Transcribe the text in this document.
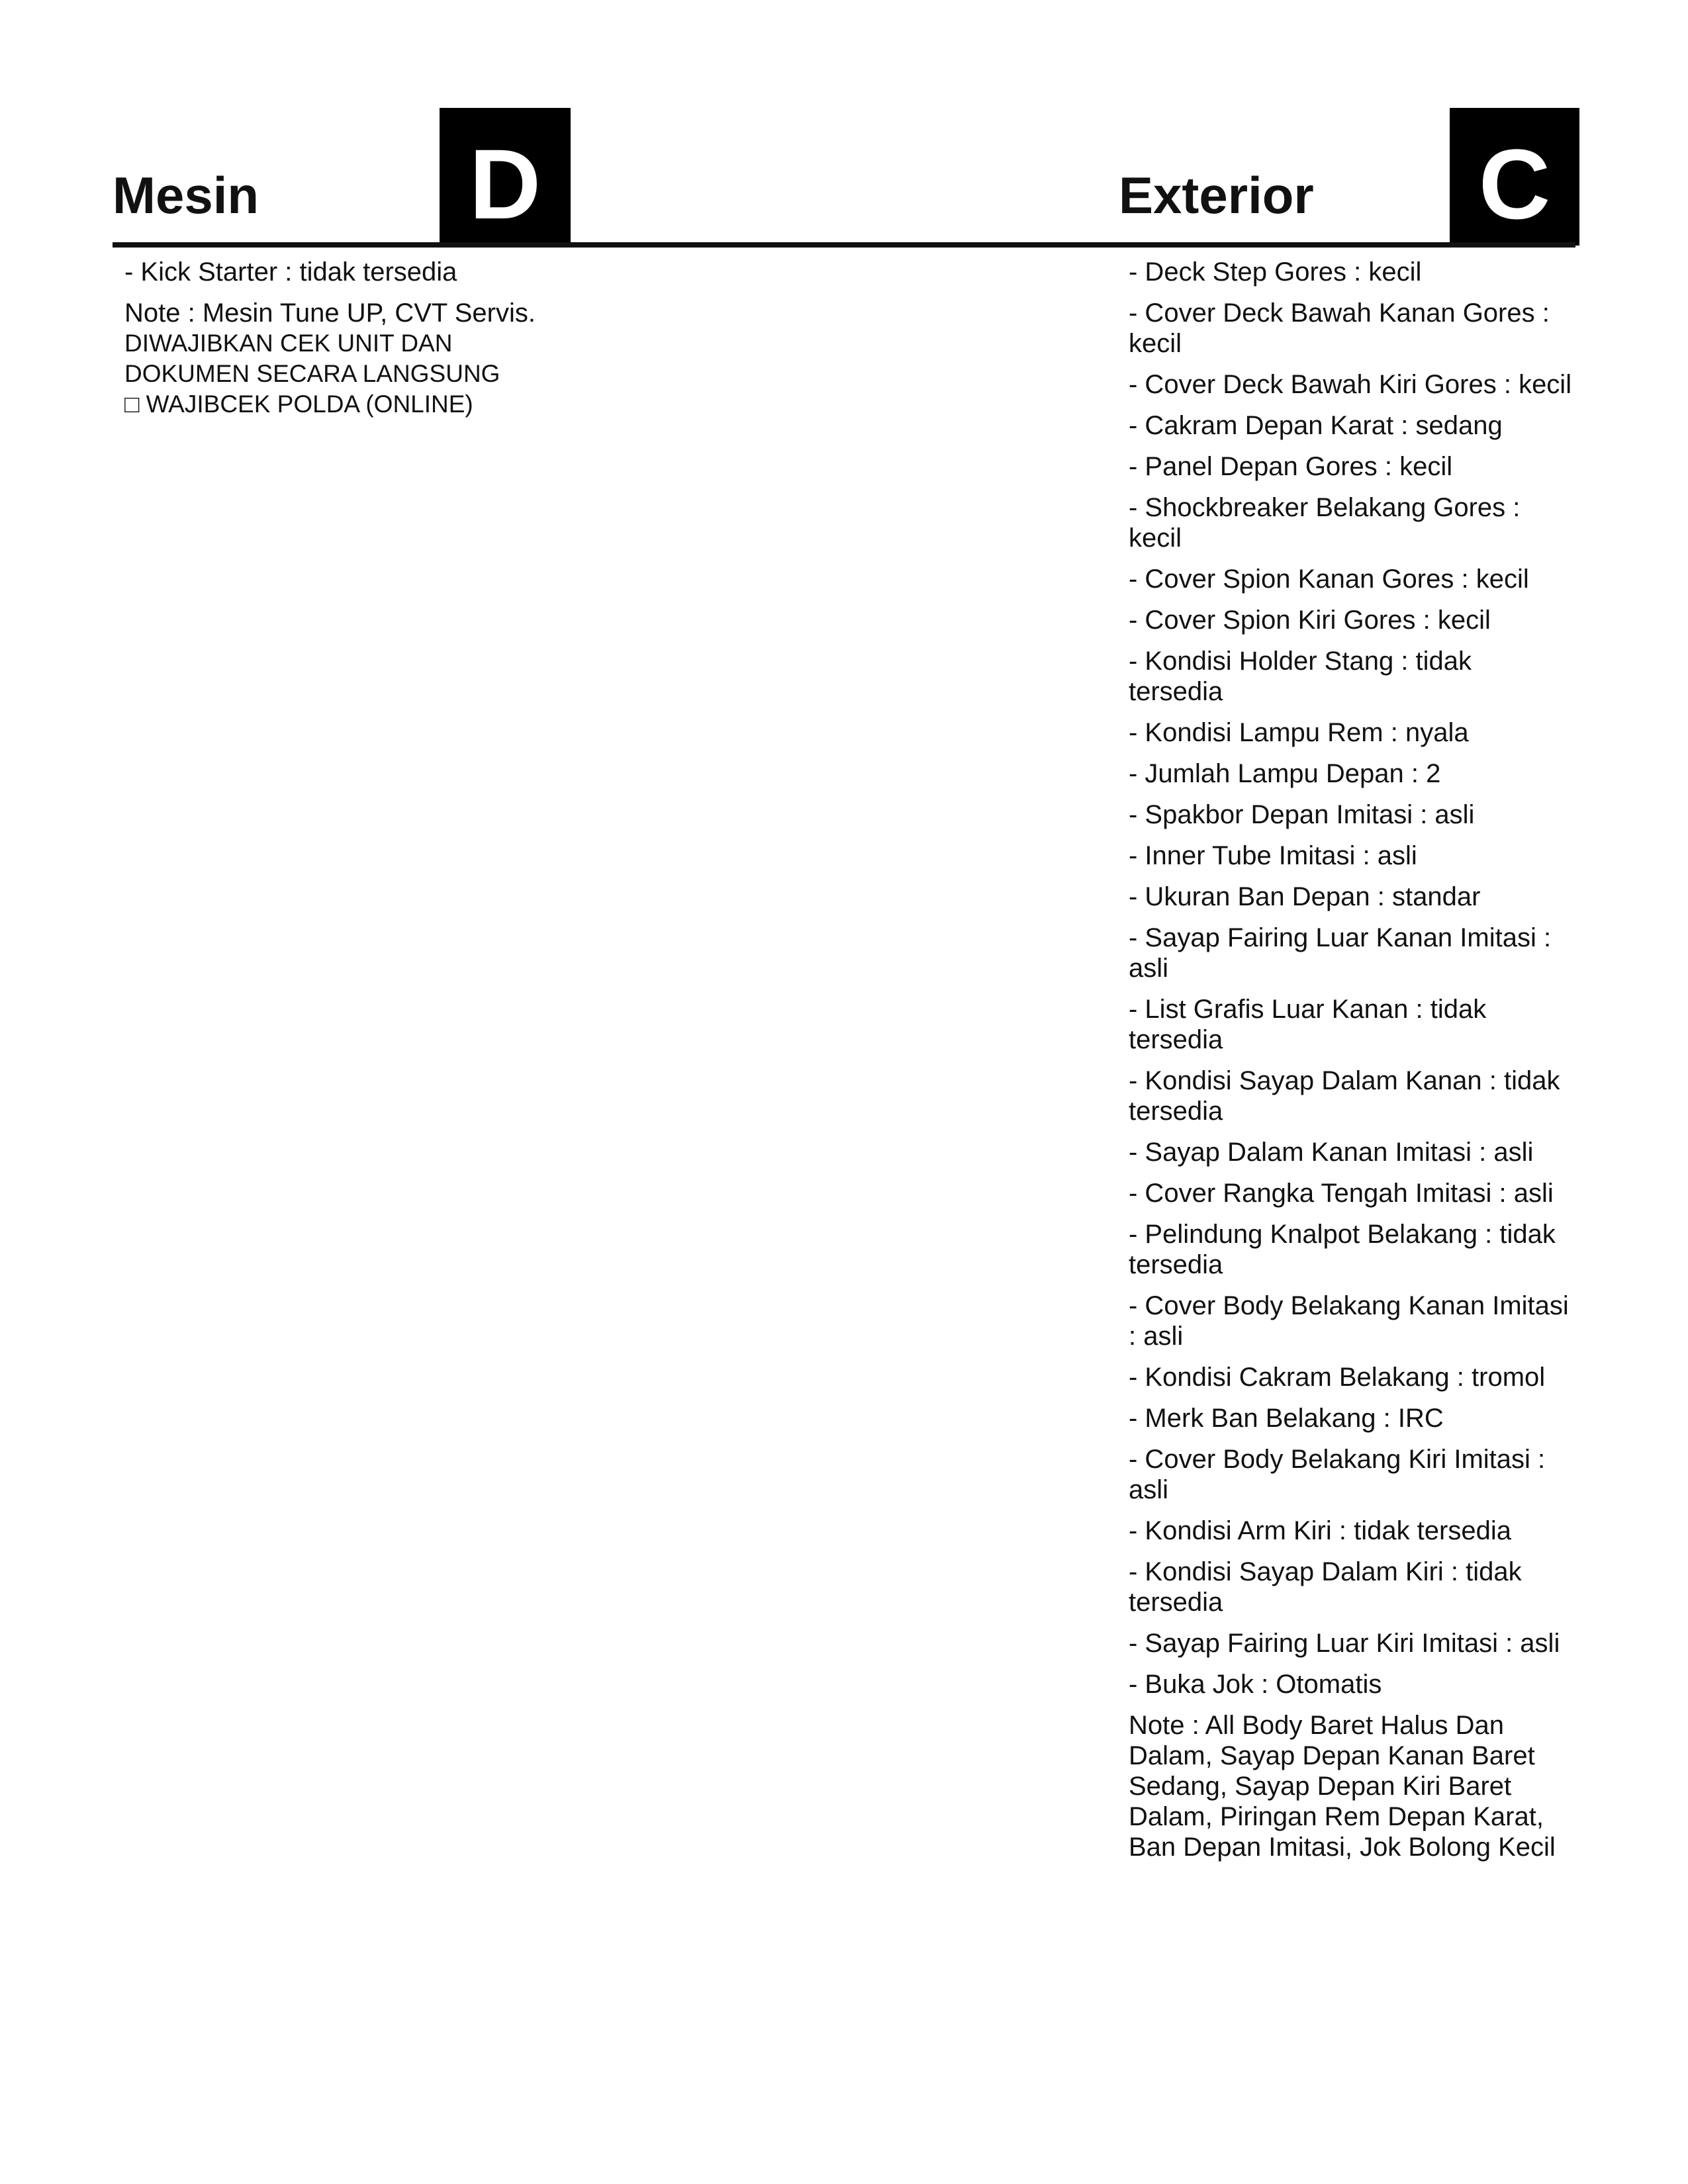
Mesin D	Exterior C

- Kick Starter : tidak tersedia

Note : Mesin Tune UP, CVT Servis.
DIWAJIBKAN CEK UNIT DAN
DOKUMEN SECARA LANGSUNG
□ WAJIBCEK POLDA (ONLINE)

- Deck Step Gores : kecil
- Cover Deck Bawah Kanan Gores : kecil
- Cover Deck Bawah Kiri Gores : kecil
- Cakram Depan Karat : sedang
- Panel Depan Gores : kecil
- Shockbreaker Belakang Gores : kecil
- Cover Spion Kanan Gores : kecil
- Cover Spion Kiri Gores : kecil
- Kondisi Holder Stang : tidak tersedia
- Kondisi Lampu Rem : nyala
- Jumlah Lampu Depan : 2
- Spakbor Depan Imitasi : asli
- Inner Tube Imitasi : asli
- Ukuran Ban Depan : standar
- Sayap Fairing Luar Kanan Imitasi : asli
- List Grafis Luar Kanan : tidak tersedia
- Kondisi Sayap Dalam Kanan : tidak tersedia
- Sayap Dalam Kanan Imitasi : asli
- Cover Rangka Tengah Imitasi : asli
- Pelindung Knalpot Belakang : tidak tersedia
- Cover Body Belakang Kanan Imitasi : asli
- Kondisi Cakram Belakang : tromol
- Merk Ban Belakang : IRC
- Cover Body Belakang Kiri Imitasi : asli
- Kondisi Arm Kiri : tidak tersedia
- Kondisi Sayap Dalam Kiri : tidak tersedia
- Sayap Fairing Luar Kiri Imitasi : asli
- Buka Jok : Otomatis

Note : All Body Baret Halus Dan Dalam, Sayap Depan Kanan Baret Sedang, Sayap Depan Kiri Baret Dalam, Piringan Rem Depan Karat, Ban Depan Imitasi, Jok Bolong Kecil
